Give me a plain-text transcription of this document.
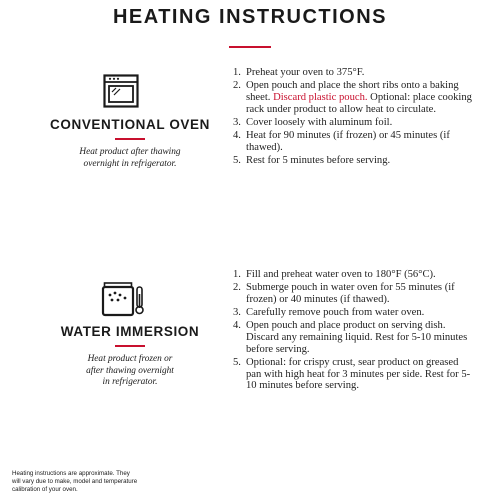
HEATING INSTRUCTIONS
CONVENTIONAL OVEN
Heat product after thawing
overnight in refrigerator.
1. Preheat your oven to 375°F.
2. Open pouch and place the short ribs onto a baking sheet. Discard plastic pouch. Optional: place cooking rack under product to allow heat to circulate.
3. Cover loosely with aluminum foil.
4. Heat for 90 minutes (if frozen) or 45 minutes (if thawed).
5. Rest for 5 minutes before serving.
WATER IMMERSION
Heat product frozen or
after thawing overnight
in refrigerator.
1. Fill and preheat water oven to 180°F (56°C).
2. Submerge pouch in water oven for 55 minutes (if frozen) or 40 minutes (if thawed).
3. Carefully remove pouch from water oven.
4. Open pouch and place product on serving dish. Discard any remaining liquid. Rest for 5-10 minutes before serving.
5. Optional: for crispy crust, sear product on greased pan with high heat for 3 minutes per side. Rest for 5-10 minutes before serving.
Heating instructions are approximate. They
will vary due to make, model and temperature
calibration of your oven.
